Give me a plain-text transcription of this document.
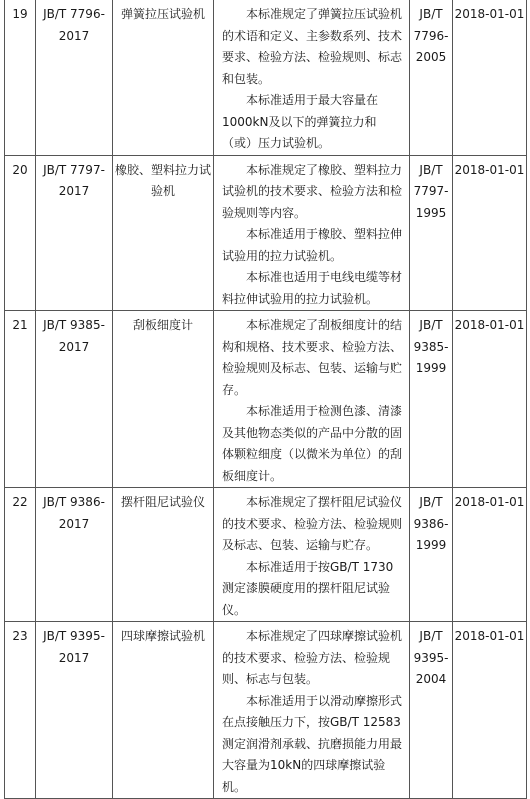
19	JB/T 7796-2017	弹簧拉压试验机	本标准规定了弹簧拉压试验机的术语和定义、主参数系列、技术要求、检验方法、检验规则、标志和包装。

本标准适用于最大容量在1000kN及以下的弹簧拉力和（或）压力试验机。	JB/T 7796-2005	2018-01-01
20	JB/T 7797-2017	橡胶、塑料拉力试验机	本标准规定了橡胶、塑料拉力试验机的技术要求、检验方法和检验规则等内容。

本标准适用于橡胶、塑料拉伸试验用的拉力试验机。

本标准也适用于电线电缆等材料拉伸试验用的拉力试验机。	JB/T 7797-1995	2018-01-01
21	JB/T 9385-2017	刮板细度计	本标准规定了刮板细度计的结构和规格、技术要求、检验方法、检验规则及标志、包装、运输与贮存。

本标准适用于检测色漆、清漆及其他物态类似的产品中分散的固体颗粒细度（以微米为单位）的刮板细度计。	JB/T 9385-1999	2018-01-01
22	JB/T 9386-2017	摆杆阻尼试验仪	本标准规定了摆杆阻尼试验仪的技术要求、检验方法、检验规则及标志、包装、运输与贮存。

本标准适用于按GB/T 1730测定漆膜硬度用的摆杆阻尼试验仪。	JB/T 9386-1999	2018-01-01
23	JB/T 9395-2017	四球摩擦试验机	本标准规定了四球摩擦试验机的技术要求、检验方法、检验规则、标志与包装。

本标准适用于以滑动摩擦形式在点接触压力下，按GB/T 12583测定润滑剂承载、抗磨损能力用最大容量为10kN的四球摩擦试验机。	JB/T 9395-2004	2018-01-01
